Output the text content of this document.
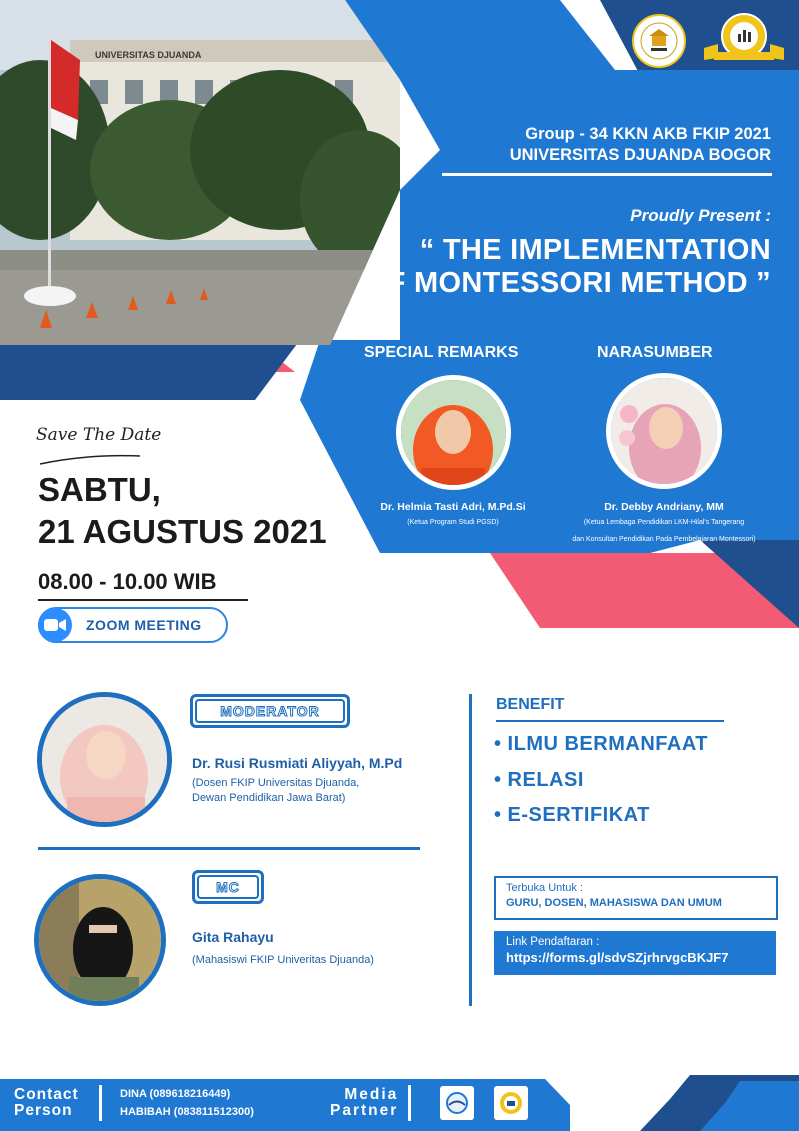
UNIVERSITAS DJUANDA
Group - 34 KKN AKB FKIP 2021
UNIVERSITAS DJUANDA BOGOR
Proudly Present :
“ THE IMPLEMENTATION
OF MONTESSORI METHOD ”
SPECIAL REMARKS	NARASUMBER
Dr. Helmia Tasti Adri, M.Pd.Si
(Ketua Program Studi PGSD)
Dr. Debby Andriany, MM
(Ketua Lembaga Pendidikan LKM-Hilal's Tangerang
dan Konsultan Pendidikan Pada Pembelajaran Montessori)
Save The Date
SABTU,
21 AGUSTUS 2021
08.00 - 10.00 WIB
ZOOM MEETING
MODERATOR
Dr. Rusi Rusmiati Aliyyah, M.Pd
(Dosen FKIP Universitas Djuanda,
Dewan Pendidikan Jawa Barat)
MC
Gita Rahayu
(Mahasiswi FKIP Univeritas Djuanda)
BENEFIT
• ILMU BERMANFAAT
• RELASI
• E-SERTIFIKAT
Terbuka Untuk :
GURU, DOSEN, MAHASISWA DAN UMUM
Link Pendaftaran :
https://forms.gl/sdvSZjrhrvgcBKJF7
Contact
Person
DINA (089618216449)
HABIBAH (083811512300)
Media
Partner
